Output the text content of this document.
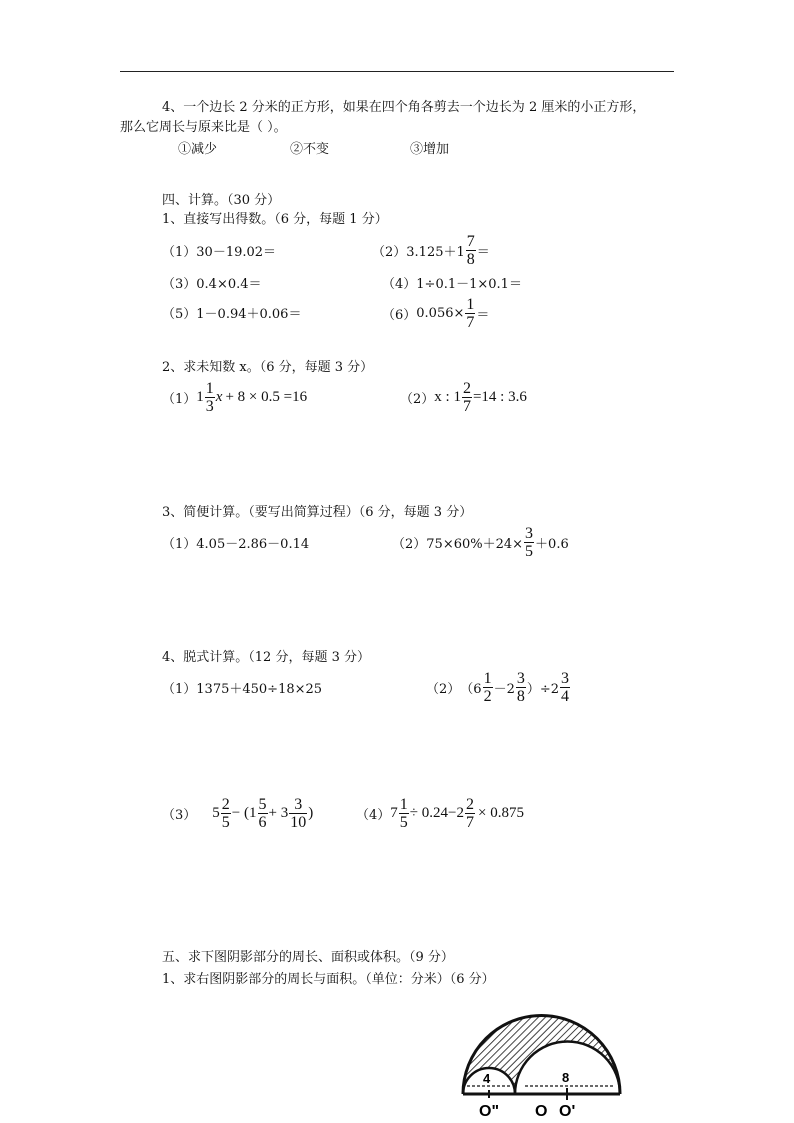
4、一个边长 2 分米的正方形，如果在四个角各剪去一个边长为 2 厘米的小正方形，
那么它周长与原来比是（ ）。
①减少	②不变	③增加
四、计算。（30 分）
1、直接写出得数。（6 分，每题 1 分）
（1）30－19.02＝	（2） $3.125+1 \frac{7}{8}$ ＝
（3）0.4×0.4＝	（4）1÷0.1－1×0.1＝
（5）1－0.94＋0.06＝	（6） $0.056\times \frac{1}{7}$ ＝
2、求未知数 x。（6 分，每题 3 分）
（1） $1 \frac{1}{3}$ x + 8 × 0.5 =16	（2） x : $1 \frac{2}{7} =14$ : 3.6
3、简便计算。（要写出简算过程）（6 分，每题 3 分）
（1）4.05－2.86－0.14	（2） $75\times 60\%+24\times \frac{3}{5} +0.6$
4、脱式计算。（12 分，每题 3 分）
（1）1375＋450÷18×25	（2） $(6 \frac{1}{2} -2 \frac{3}{8} )\div 2 \frac{3}{4}$
（3） $5 \frac{2}{5} - (1 \frac{5}{6} + 3 \frac{3}{10}$ )	（4） $7 \frac{1}{5} \div 0.24-2 \frac{2}{7} \times 0.875$
五、求下图阴影部分的周长、面积或体积。（9 分）
1、求右图阴影部分的周长与面积。（单位：分米）（6 分）
4	8
O" O O'
